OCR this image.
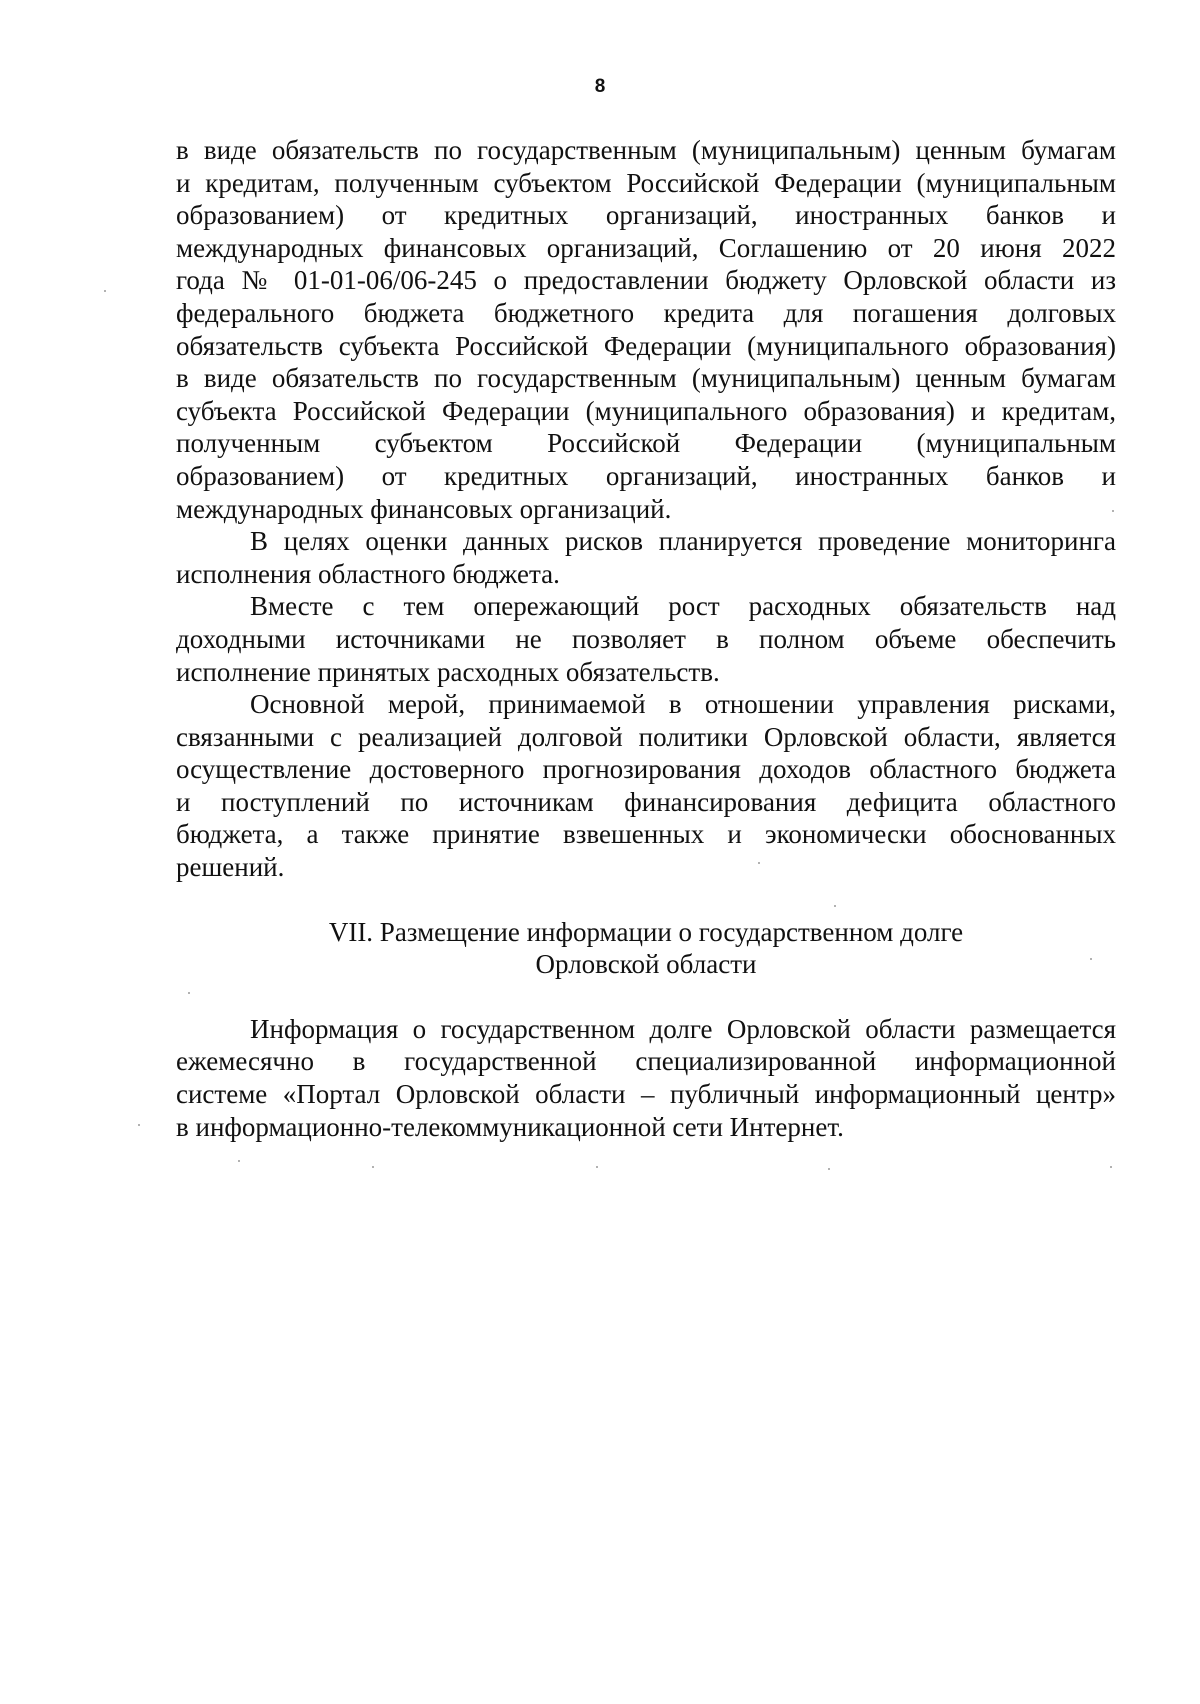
8
в виде обязательств по государственным (муниципальным) ценным бумагам
и кредитам, полученным субъектом Российской Федерации (муниципальным
образованием) от кредитных организаций, иностранных банков и
международных финансовых организаций, Соглашению от 20 июня 2022
года № 01-01-06/06-245 о предоставлении бюджету Орловской области из
федерального бюджета бюджетного кредита для погашения долговых
обязательств субъекта Российской Федерации (муниципального образования)
в виде обязательств по государственным (муниципальным) ценным бумагам
субъекта Российской Федерации (муниципального образования) и кредитам,
полученным субъектом Российской Федерации (муниципальным
образованием) от кредитных организаций, иностранных банков и
международных финансовых организаций.
В целях оценки данных рисков планируется проведение мониторинга
исполнения областного бюджета.
Вместе с тем опережающий рост расходных обязательств над
доходными источниками не позволяет в полном объеме обеспечить
исполнение принятых расходных обязательств.
Основной мерой, принимаемой в отношении управления рисками,
связанными с реализацией долговой политики Орловской области, является
осуществление достоверного прогнозирования доходов областного бюджета
и поступлений по источникам финансирования дефицита областного
бюджета, а также принятие взвешенных и экономически обоснованных
решений.
VII. Размещение информации о государственном долге
Орловской области
Информация о государственном долге Орловской области размещается
ежемесячно в государственной специализированной информационной
системе «Портал Орловской области – публичный информационный центр»
в информационно-телекоммуникационной сети Интернет.
